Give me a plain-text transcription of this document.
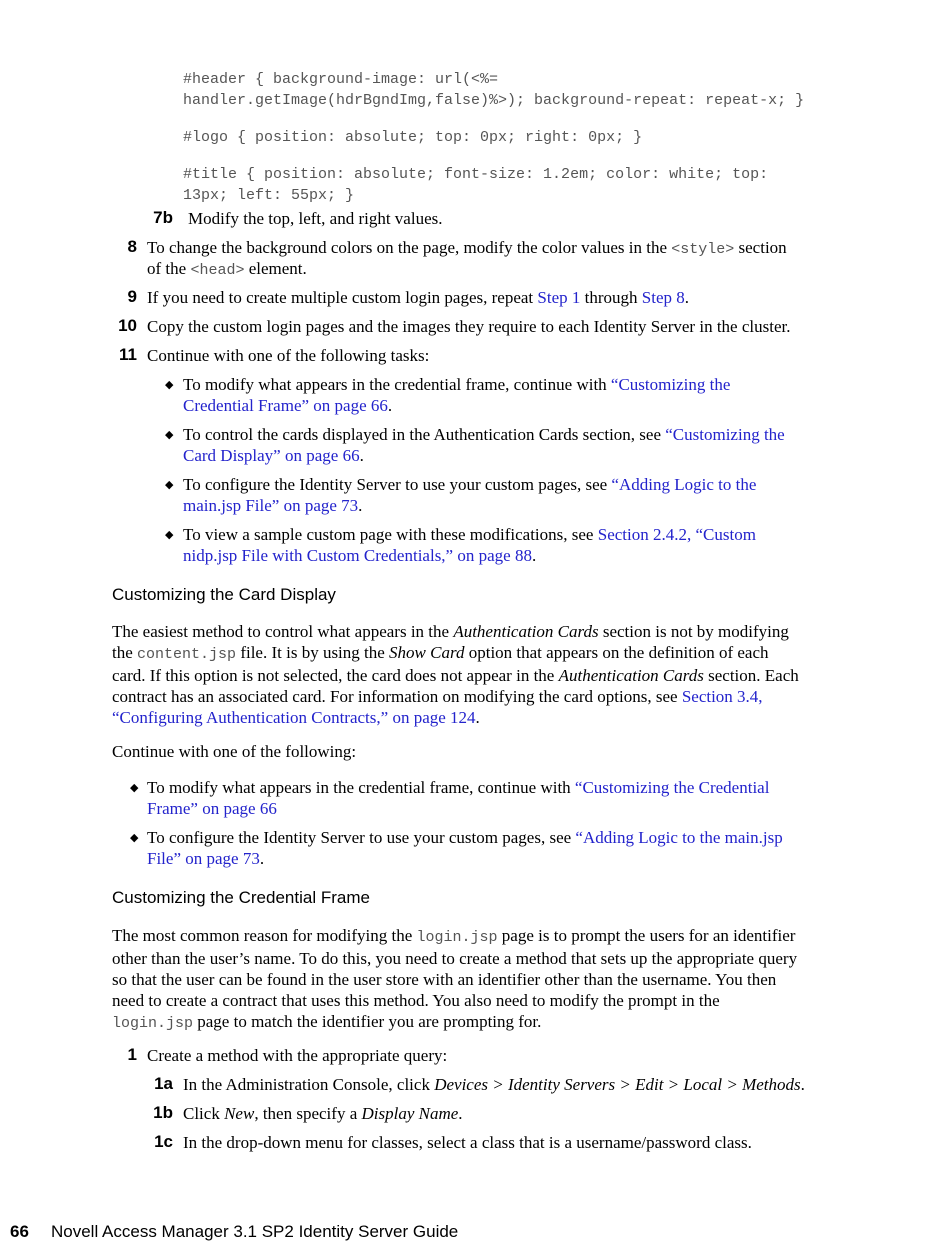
#header { background-image: url(<%=
handler.getImage(hdrBgndImg,false)%>); background-repeat: repeat-x; }
#logo { position: absolute; top: 0px; right: 0px; }
#title { position: absolute; font-size: 1.2em; color: white; top:
13px; left: 55px; }
7b Modify the top, left, and right values.
8 To change the background colors on the page, modify the color values in the <style> section
of the <head> element.
9 If you need to create multiple custom login pages, repeat Step 1 through Step 8.
10 Copy the custom login pages and the images they require to each Identity Server in the cluster.
11 Continue with one of the following tasks:
◆ To modify what appears in the credential frame, continue with “Customizing the
Credential Frame” on page 66.
◆ To control the cards displayed in the Authentication Cards section, see “Customizing the
Card Display” on page 66.
◆ To configure the Identity Server to use your custom pages, see “Adding Logic to the
main.jsp File” on page 73.
◆ To view a sample custom page with these modifications, see Section 2.4.2, “Custom
nidp.jsp File with Custom Credentials,” on page 88.
Customizing the Card Display
The easiest method to control what appears in the Authentication Cards section is not by modifying
the content.jsp file. It is by using the Show Card option that appears on the definition of each
card. If this option is not selected, the card does not appear in the Authentication Cards section. Each
contract has an associated card. For information on modifying the card options, see Section 3.4,
“Configuring Authentication Contracts,” on page 124.
Continue with one of the following:
◆ To modify what appears in the credential frame, continue with “Customizing the Credential
Frame” on page 66
◆ To configure the Identity Server to use your custom pages, see “Adding Logic to the main.jsp
File” on page 73.
Customizing the Credential Frame
The most common reason for modifying the login.jsp page is to prompt the users for an identifier
other than the user’s name. To do this, you need to create a method that sets up the appropriate query
so that the user can be found in the user store with an identifier other than the username. You then
need to create a contract that uses this method. You also need to modify the prompt in the
login.jsp page to match the identifier you are prompting for.
1 Create a method with the appropriate query:
1a In the Administration Console, click Devices > Identity Servers > Edit > Local > Methods.
1b Click New, then specify a Display Name.
1c In the drop-down menu for classes, select a class that is a username/password class.
66 Novell Access Manager 3.1 SP2 Identity Server Guide
